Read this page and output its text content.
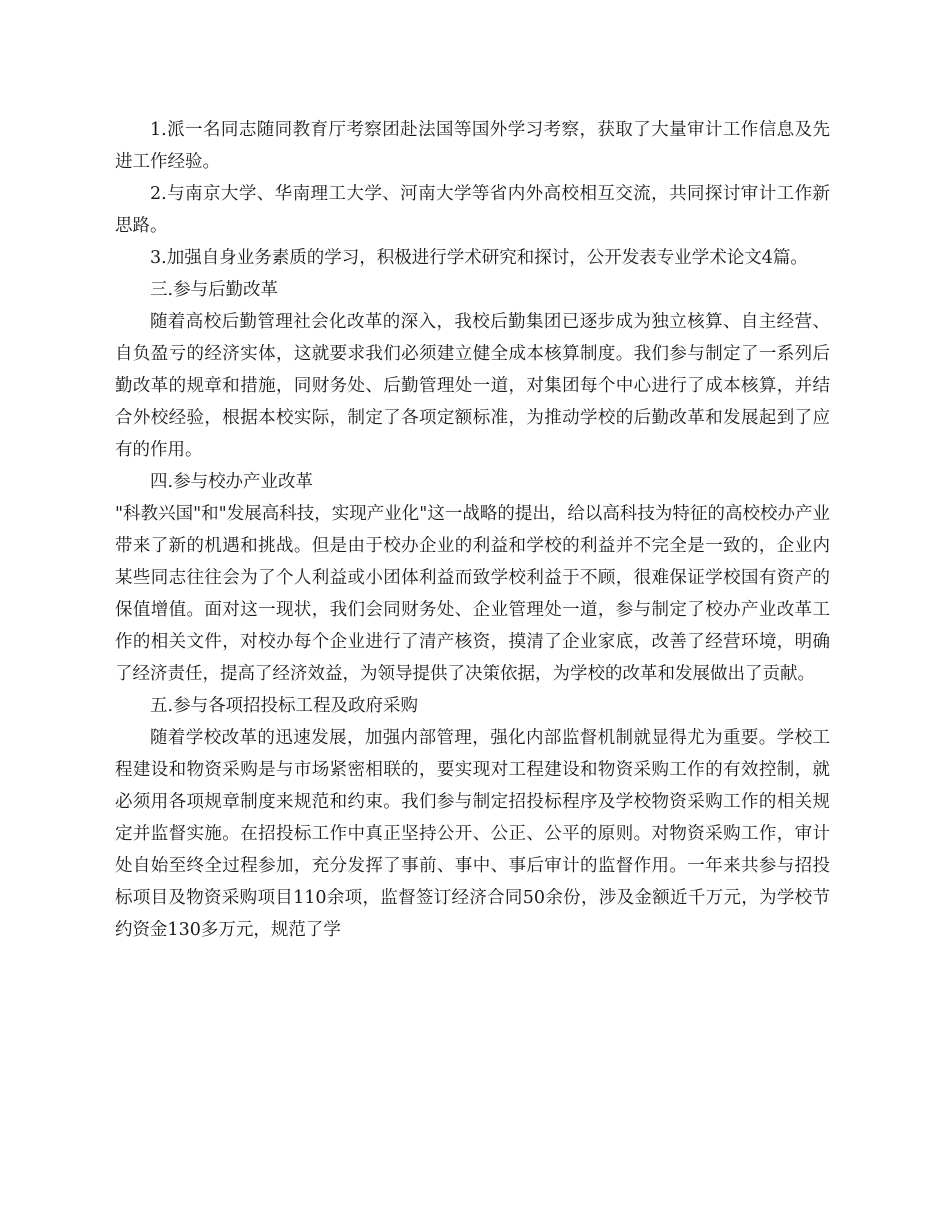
1.派一名同志随同教育厅考察团赴法国等国外学习考察，获取了大量审计工作信息及先进工作经验。

2.与南京大学、华南理工大学、河南大学等省内外高校相互交流，共同探讨审计工作新思路。

3.加强自身业务素质的学习，积极进行学术研究和探讨，公开发表专业学术论文4篇。

三.参与后勤改革

随着高校后勤管理社会化改革的深入，我校后勤集团已逐步成为独立核算、自主经营、自负盈亏的经济实体，这就要求我们必须建立健全成本核算制度。我们参与制定了一系列后勤改革的规章和措施，同财务处、后勤管理处一道，对集团每个中心进行了成本核算，并结合外校经验，根据本校实际，制定了各项定额标准，为推动学校的后勤改革和发展起到了应有的作用。

四.参与校办产业改革

"科教兴国"和"发展高科技，实现产业化"这一战略的提出，给以高科技为特征的高校校办产业带来了新的机遇和挑战。但是由于校办企业的利益和学校的利益并不完全是一致的，企业内某些同志往往会为了个人利益或小团体利益而致学校利益于不顾，很难保证学校国有资产的保值增值。面对这一现状，我们会同财务处、企业管理处一道，参与制定了校办产业改革工作的相关文件，对校办每个企业进行了清产核资，摸清了企业家底，改善了经营环境，明确了经济责任，提高了经济效益，为领导提供了决策依据，为学校的改革和发展做出了贡献。

五.参与各项招投标工程及政府采购

随着学校改革的迅速发展，加强内部管理，强化内部监督机制就显得尤为重要。学校工程建设和物资采购是与市场紧密相联的，要实现对工程建设和物资采购工作的有效控制，就必须用各项规章制度来规范和约束。我们参与制定招投标程序及学校物资采购工作的相关规定并监督实施。在招投标工作中真正坚持公开、公正、公平的原则。对物资采购工作，审计处自始至终全过程参加，充分发挥了事前、事中、事后审计的监督作用。一年来共参与招投标项目及物资采购项目110余项，监督签订经济合同50余份，涉及金额近千万元，为学校节约资金130多万元，规范了学
